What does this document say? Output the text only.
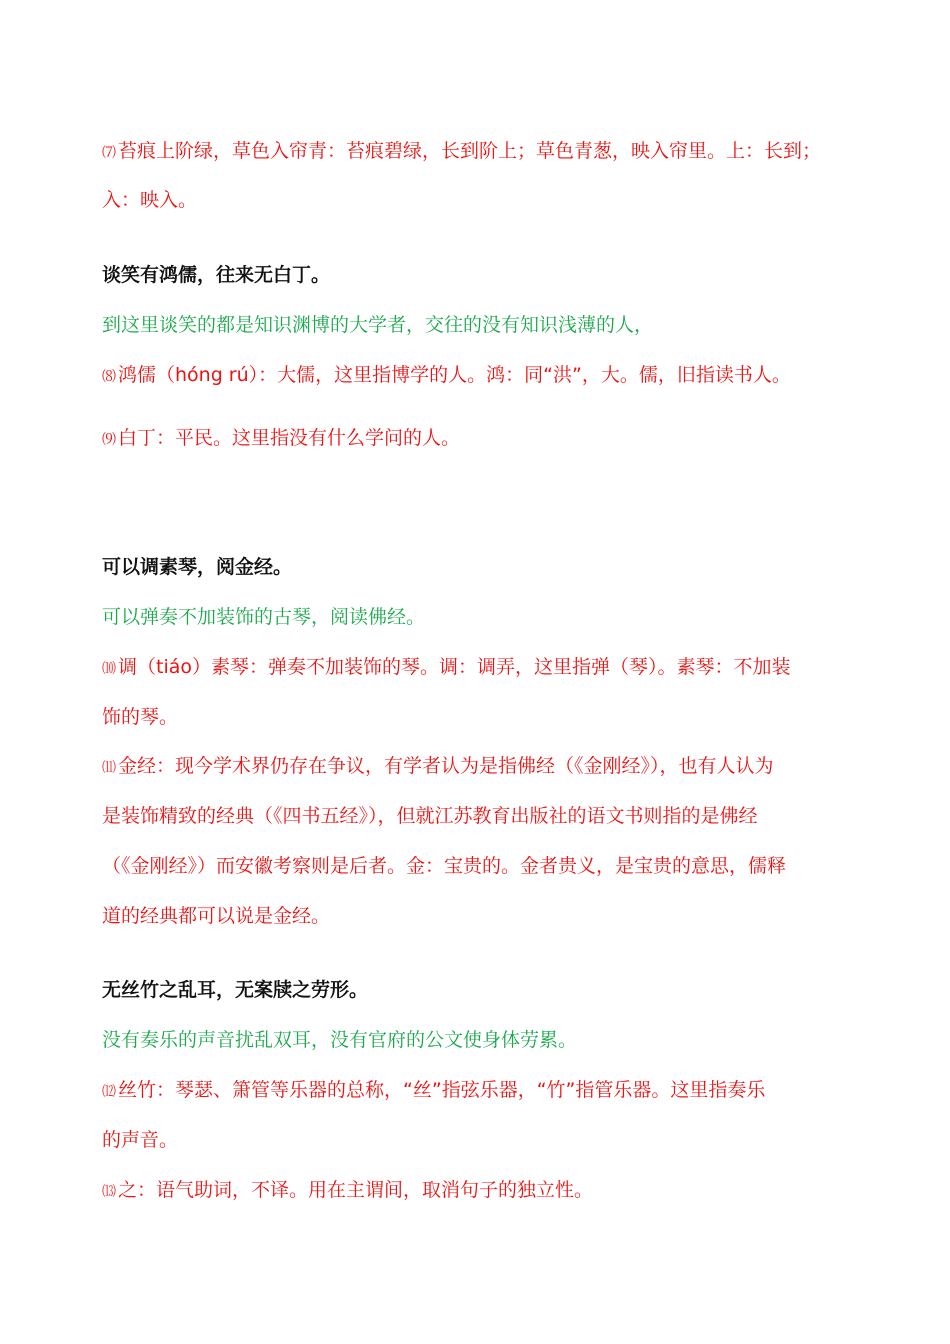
⑺ 苔痕上阶绿，草色入帘青：苔痕碧绿，长到阶上；草色青葱，映入帘里。上：长到；
入：映入。
谈笑有鸿儒，往来无白丁。
到这里谈笑的都是知识渊博的大学者，交往的没有知识浅薄的人，
⑻ 鸿儒（hóng rú）：大儒，这里指博学的人。鸿：同“洪”，大。儒，旧指读书人。
⑼ 白丁：平民。这里指没有什么学问的人。
可以调素琴，阅金经。
可以弹奏不加装饰的古琴，阅读佛经。
⑽ 调（tiáo）素琴：弹奏不加装饰的琴。调：调弄，这里指弹（琴）。素琴：不加装
饰的琴。
⑾ 金经：现今学术界仍存在争议，有学者认为是指佛经（《金刚经》），也有人认为
是装饰精致的经典（《四书五经》），但就江苏教育出版社的语文书则指的是佛经
（《金刚经》）而安徽考察则是后者。金：宝贵的。金者贵义，是宝贵的意思，儒释
道的经典都可以说是金经。
无丝竹之乱耳，无案牍之劳形。
没有奏乐的声音扰乱双耳，没有官府的公文使身体劳累。
⑿ 丝竹：琴瑟、箫管等乐器的总称，“丝”指弦乐器，“竹”指管乐器。这里指奏乐
的声音。
⒀ 之：语气助词，不译。用在主谓间，取消句子的独立性。
